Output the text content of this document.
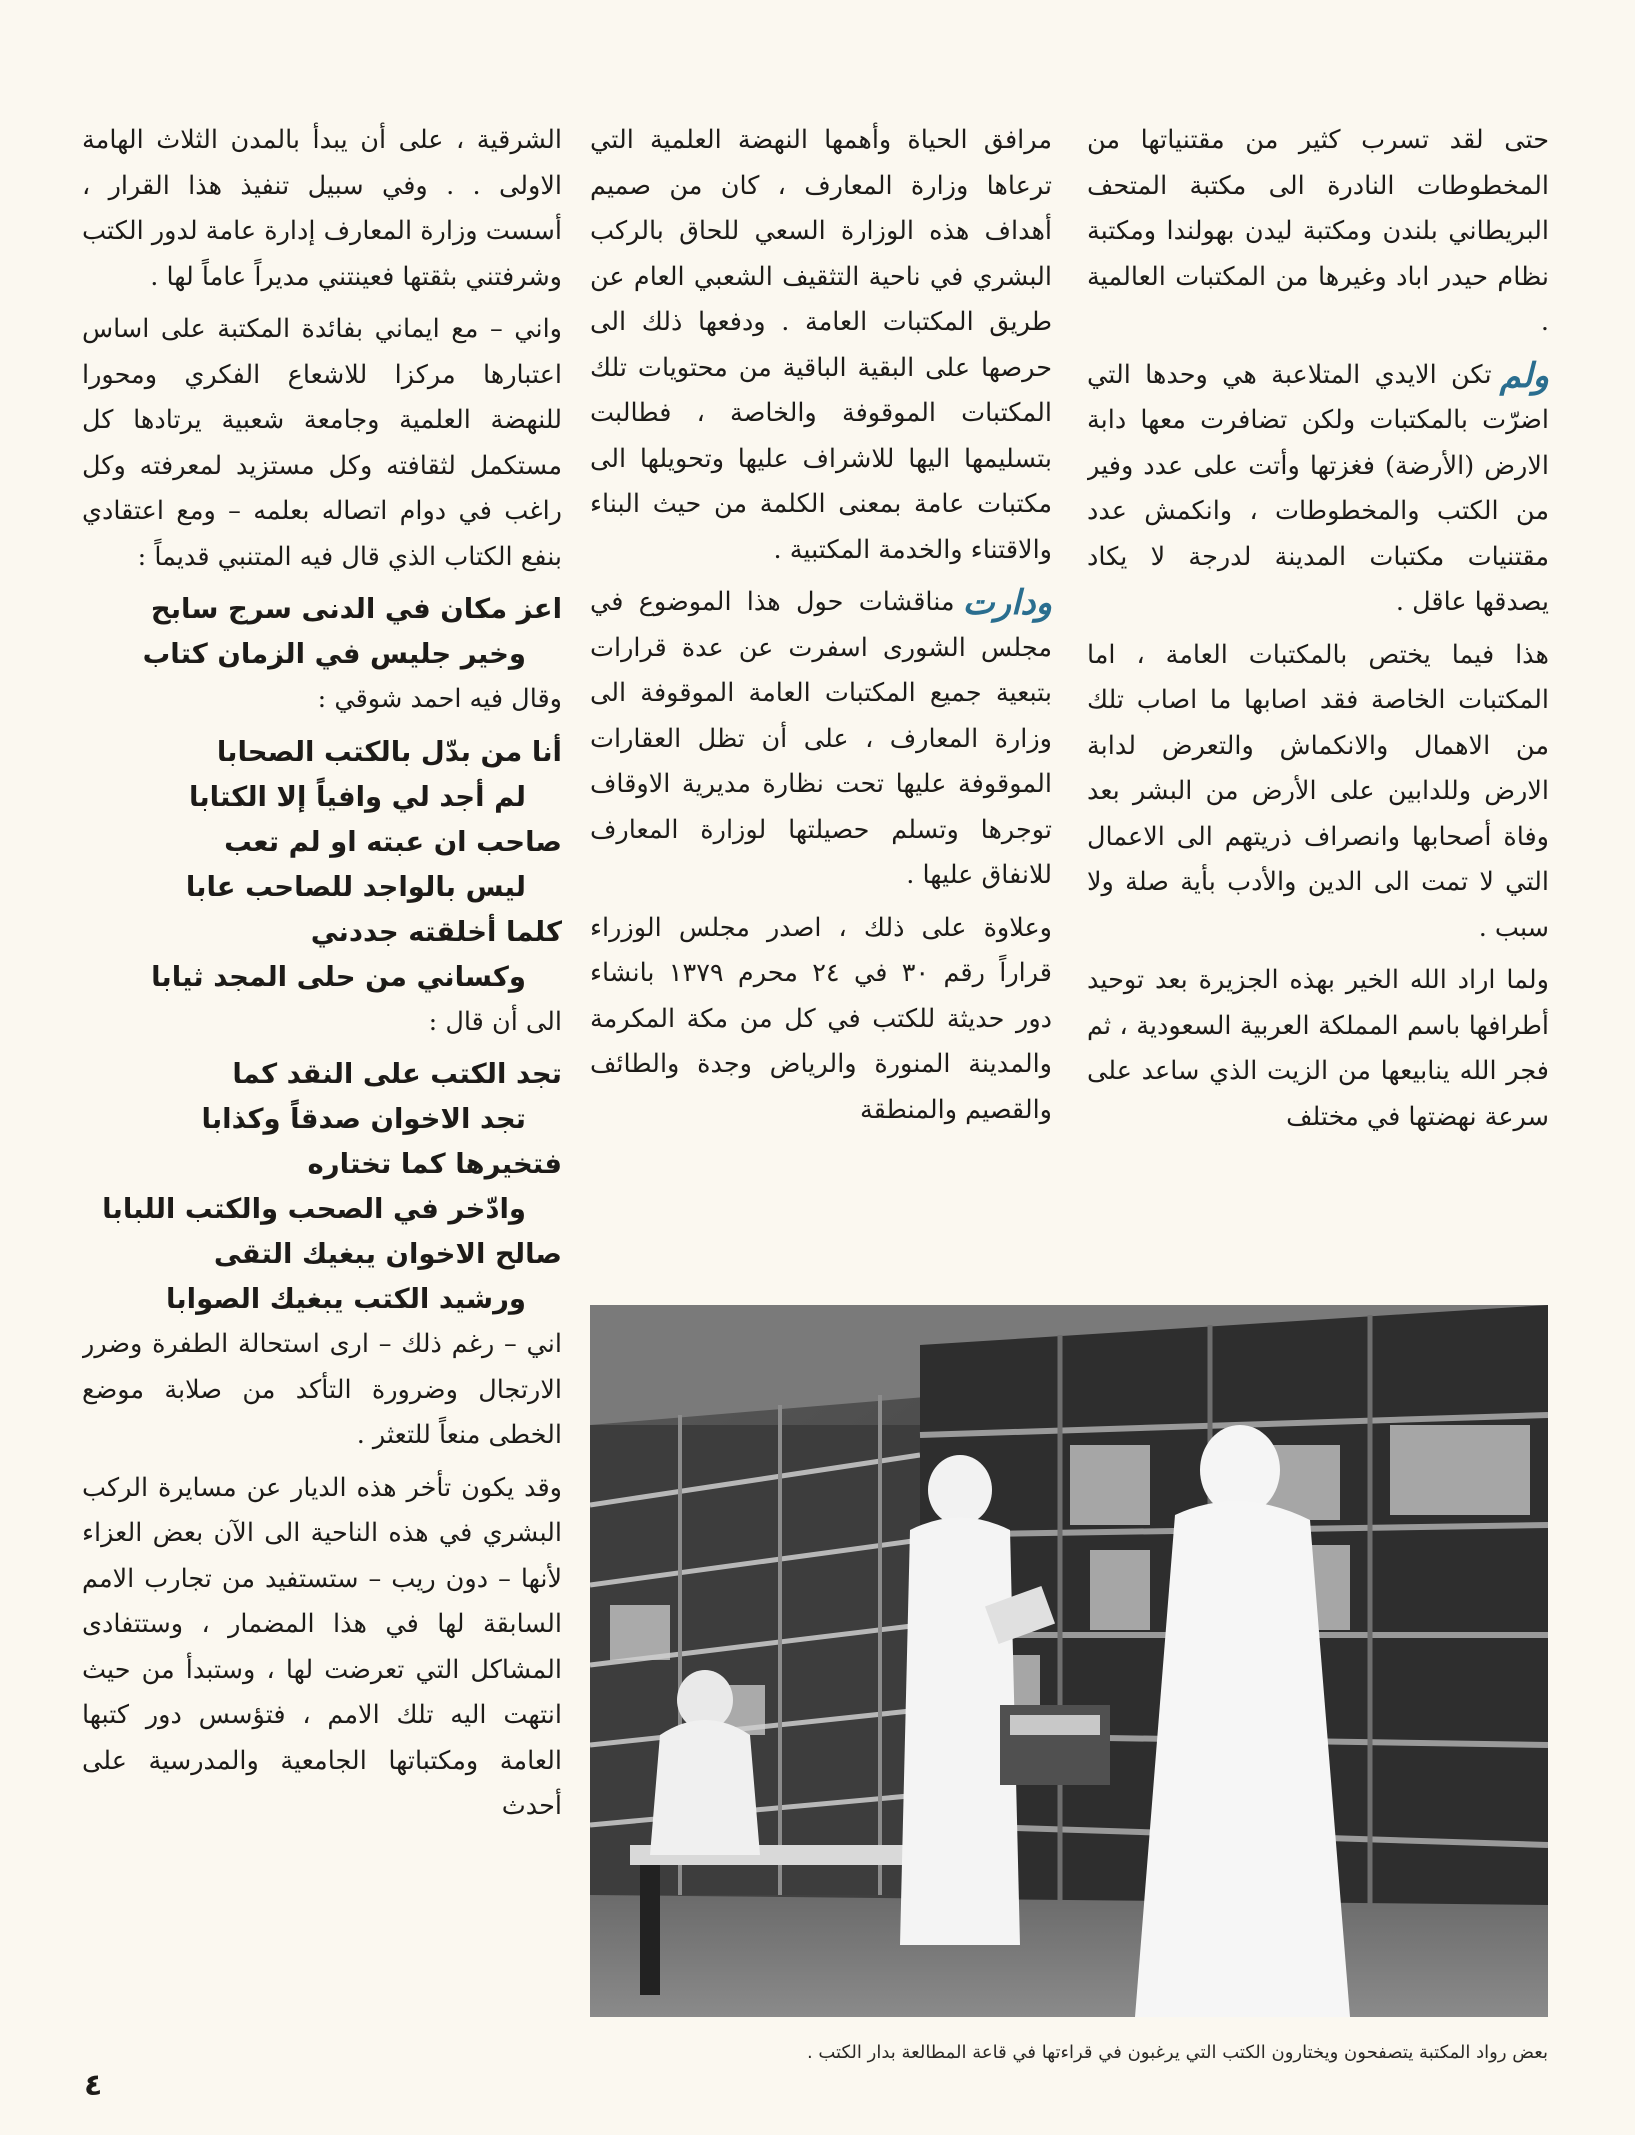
حتى لقد تسرب كثير من مقتنياتها من المخطوطات النادرة الى مكتبة المتحف البريطاني بلندن ومكتبة ليدن بهولندا ومكتبة نظام حيدر اباد وغيرها من المكتبات العالمية .

ولمتكن الايدي المتلاعبة هي وحدها التي اضرّت بالمكتبات ولكن تضافرت معها دابة الارض (الأرضة) فغزتها وأتت على عدد وفير من الكتب والمخطوطات ، وانكمش عدد مقتنيات مكتبات المدينة لدرجة لا يكاد يصدقها عاقل .

هذا فيما يختص بالمكتبات العامة ، اما المكتبات الخاصة فقد اصابها ما اصاب تلك من الاهمال والانكماش والتعرض لدابة الارض وللدابين على الأرض من البشر بعد وفاة أصحابها وانصراف ذريتهم الى الاعمال التي لا تمت الى الدين والأدب بأية صلة ولا سبب .

ولما اراد الله الخير بهذه الجزيرة بعد توحيد أطرافها باسم المملكة العربية السعودية ، ثم فجر الله ينابيعها من الزيت الذي ساعد على سرعة نهضتها في مختلف

مرافق الحياة وأهمها النهضة العلمية التي ترعاها وزارة المعارف ، كان من صميم أهداف هذه الوزارة السعي للحاق بالركب البشري في ناحية التثقيف الشعبي العام عن طريق المكتبات العامة . ودفعها ذلك الى حرصها على البقية الباقية من محتويات تلك المكتبات الموقوفة والخاصة ، فطالبت بتسليمها اليها للاشراف عليها وتحويلها الى مكتبات عامة بمعنى الكلمة من حيث البناء والاقتناء والخدمة المكتبية .

ودارتمناقشات حول هذا الموضوع في مجلس الشورى اسفرت عن عدة قرارات بتبعية جميع المكتبات العامة الموقوفة الى وزارة المعارف ، على أن تظل العقارات الموقوفة عليها تحت نظارة مديرية الاوقاف توجرها وتسلم حصيلتها لوزارة المعارف للانفاق عليها .

وعلاوة على ذلك ، اصدر مجلس الوزراء قراراً رقم ٣٠ في ٢٤ محرم ١٣٧٩ بانشاء دور حديثة للكتب في كل من مكة المكرمة والمدينة المنورة والرياض وجدة والطائف والقصيم والمنطقة

الشرقية ، على أن يبدأ بالمدن الثلاث الهامة الاولى . . وفي سبيل تنفيذ هذا القرار ، أسست وزارة المعارف إدارة عامة لدور الكتب وشرفتني بثقتها فعينتني مديراً عاماً لها .

واني – مع ايماني بفائدة المكتبة على اساس اعتبارها مركزا للاشعاع الفكري ومحورا للنهضة العلمية وجامعة شعبية يرتادها كل مستكمل لثقافته وكل مستزيد لمعرفته وكل راغب في دوام اتصاله بعلمه – ومع اعتقادي بنفع الكتاب الذي قال فيه المتنبي قديماً :

اعز مكان في الدنى سرج سابح

وخير جليس في الزمان كتاب

وقال فيه احمد شوقي :

أنا من بدّل بالكتب الصحابا

لم أجد لي وافياً إلا الكتابا

صاحب ان عبته او لم تعب

ليس بالواجد للصاحب عابا

كلما أخلقته جددني

وكساني من حلى المجد ثيابا

الى أن قال :

تجد الكتب على النقد كما

تجد الاخوان صدقاً وكذابا

فتخيرها كما تختاره

وادّخر في الصحب والكتب اللبابا

صالح الاخوان يبغيك التقى

ورشيد الكتب يبغيك الصوابا

اني – رغم ذلك – ارى استحالة الطفرة وضرر الارتجال وضرورة التأكد من صلابة موضع الخطى منعاً للتعثر .

وقد يكون تأخر هذه الديار عن مسايرة الركب البشري في هذه الناحية الى الآن بعض العزاء لأنها – دون ريب – ستستفيد من تجارب الامم السابقة لها في هذا المضمار ، وستتفادى المشاكل التي تعرضت لها ، وستبدأ من حيث انتهت اليه تلك الامم ، فتؤسس دور كتبها العامة ومكتباتها الجامعية والمدرسية على أحدث

بعض رواد المكتبة يتصفحون ويختارون الكتب التي يرغبون في قراءتها في قاعة المطالعة بدار الكتب .
٤
